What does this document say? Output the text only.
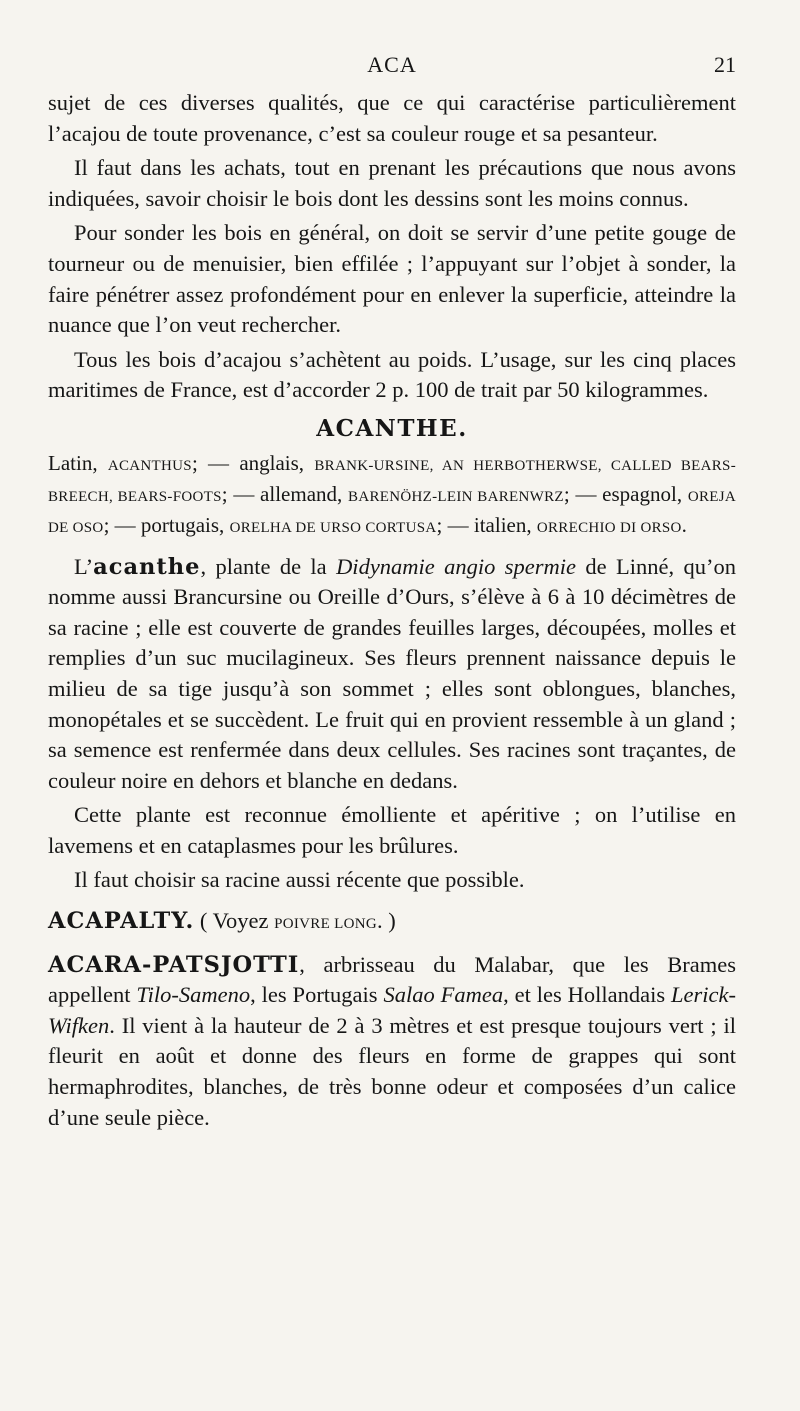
ACA	21

sujet de ces diverses qualités, que ce qui caractérise particulièrement l’acajou de toute provenance, c’est sa couleur rouge et sa pesanteur.

Il faut dans les achats, tout en prenant les précautions que nous avons indiquées, savoir choisir le bois dont les dessins sont les moins connus.

Pour sonder les bois en général, on doit se servir d’une petite gouge de tourneur ou de menuisier, bien effilée ; l’appuyant sur l’objet à sonder, la faire pénétrer assez profondément pour en enlever la superficie, atteindre la nuance que l’on veut rechercher.

Tous les bois d’acajou s’achètent au poids. L’usage, sur les cinq places maritimes de France, est d’accorder 2 p. 100 de trait par 50 kilogrammes.

ACANTHE.

Latin, ACANTHUS; — anglais, BRANK-URSINE, AN HERBOTHERWSE, CALLED BEARS-BREECH, BEARS-FOOTS; — allemand, BARENÖHZ-LEIN BARENWRZ; — espagnol, OREJA DE OSO; — portugais, ORELHA DE URSO CORTUSA; — italien, ORRECHIO DI ORSO.

L’acanthe, plante de la Didynamie angio spermie de Linné, qu’on nomme aussi Brancursine ou Oreille d’Ours, s’élève à 6 à 10 décimètres de sa racine ; elle est couverte de grandes feuilles larges, découpées, molles et remplies d’un suc mucilagineux. Ses fleurs prennent naissance depuis le milieu de sa tige jusqu’à son sommet ; elles sont oblongues, blanches, monopétales et se succèdent. Le fruit qui en provient ressemble à un gland ; sa semence est renfermée dans deux cellules. Ses racines sont traçantes, de couleur noire en dehors et blanche en dedans.

Cette plante est reconnue émolliente et apéritive ; on l’utilise en lavemens et en cataplasmes pour les brûlures.

Il faut choisir sa racine aussi récente que possible.

ACAPALTY. ( Voyez POIVRE LONG. )

ACARA-PATSJOTTI, arbrisseau du Malabar, que les Brames appellent Tilo-Sameno, les Portugais Salao Famea, et les Hollandais Lerick-Wifken. Il vient à la hauteur de 2 à 3 mètres et est presque toujours vert ; il fleurit en août et donne des fleurs en forme de grappes qui sont hermaphrodites, blanches, de très bonne odeur et composées d’un calice d’une seule pièce.
